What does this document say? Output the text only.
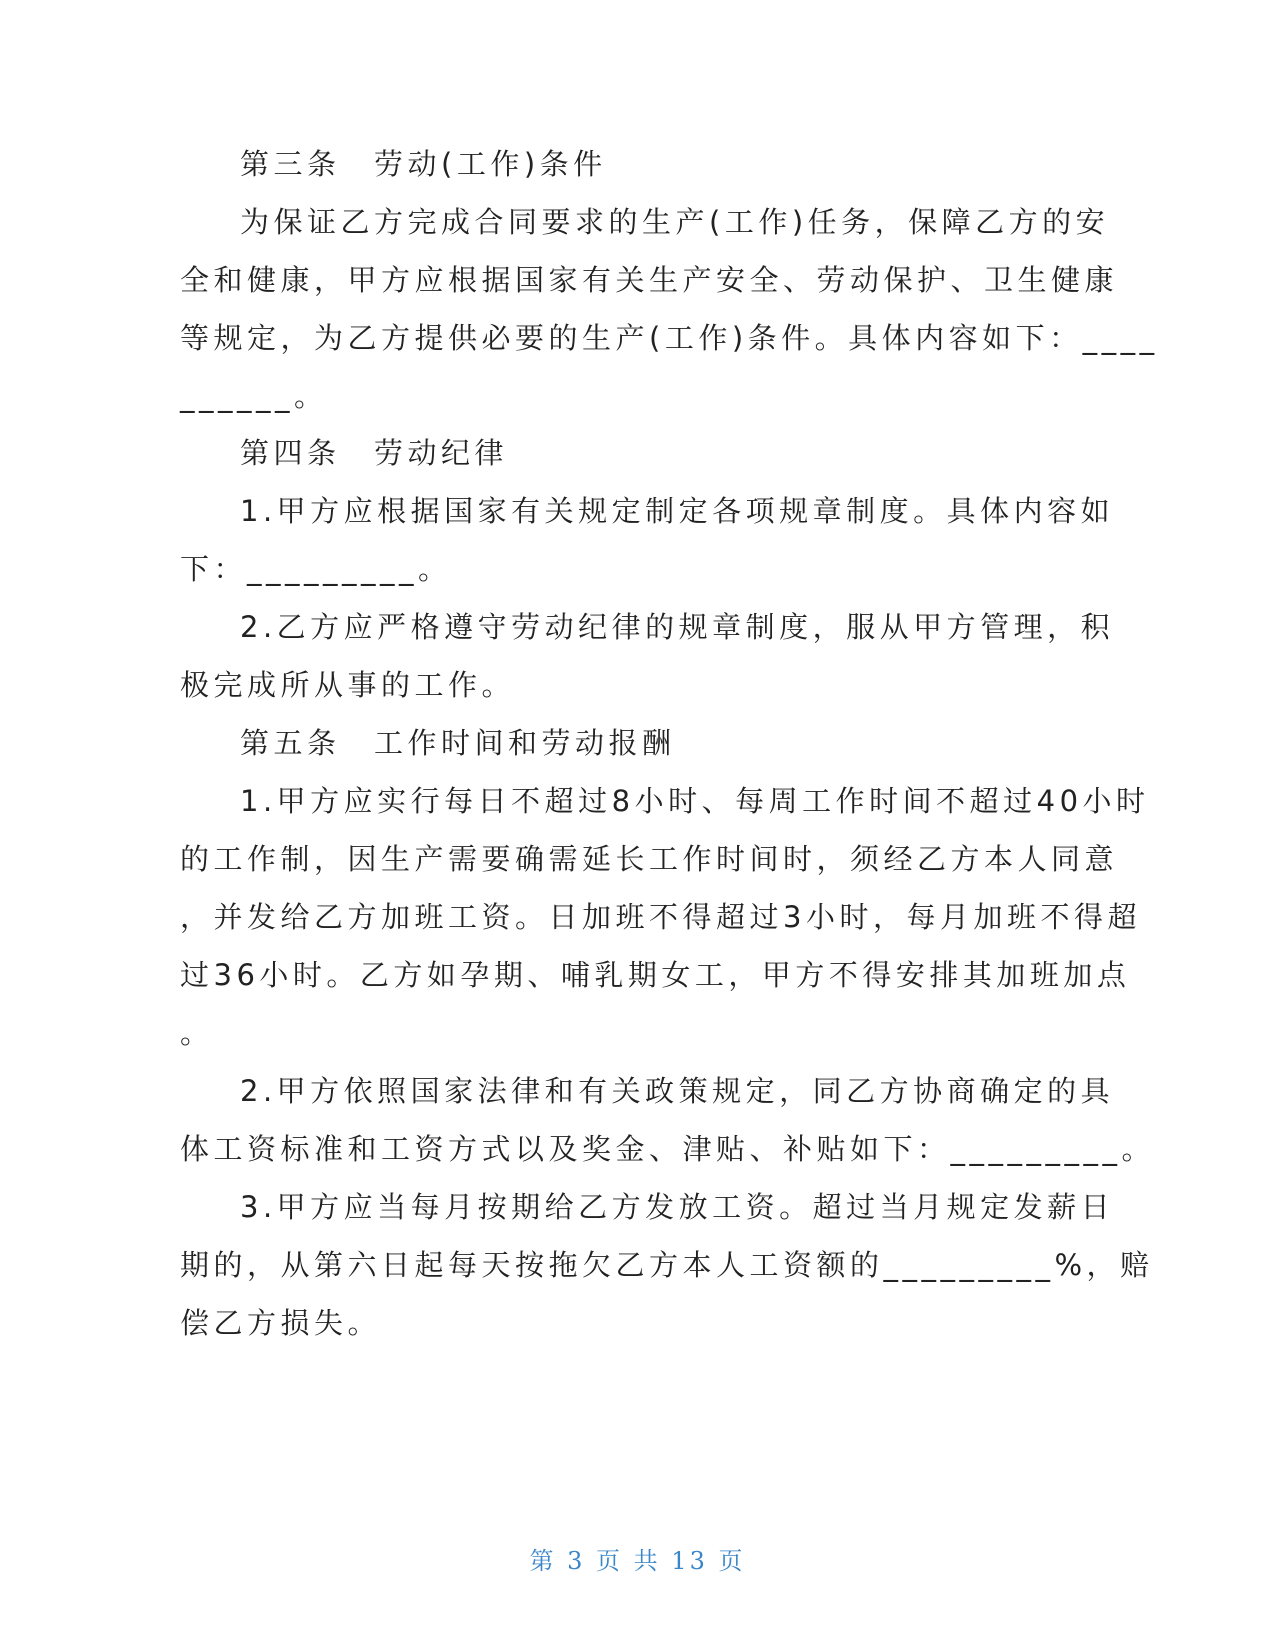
第三条　劳动(工作)条件
为保证乙方完成合同要求的生产(工作)任务，保障乙方的安
全和健康，甲方应根据国家有关生产安全、劳动保护、卫生健康
等规定，为乙方提供必要的生产(工作)条件。具体内容如下：____
______。
第四条　劳动纪律
1.甲方应根据国家有关规定制定各项规章制度。具体内容如
下：_________。
2.乙方应严格遵守劳动纪律的规章制度，服从甲方管理，积
极完成所从事的工作。
第五条　工作时间和劳动报酬
1.甲方应实行每日不超过8小时、每周工作时间不超过40小时
的工作制，因生产需要确需延长工作时间时，须经乙方本人同意
，并发给乙方加班工资。日加班不得超过3小时，每月加班不得超
过36小时。乙方如孕期、哺乳期女工，甲方不得安排其加班加点
。
2.甲方依照国家法律和有关政策规定，同乙方协商确定的具
体工资标准和工资方式以及奖金、津贴、补贴如下：_________。
3.甲方应当每月按期给乙方发放工资。超过当月规定发薪日
期的，从第六日起每天按拖欠乙方本人工资额的_________%，赔
偿乙方损失。
第 3 页 共 13 页
